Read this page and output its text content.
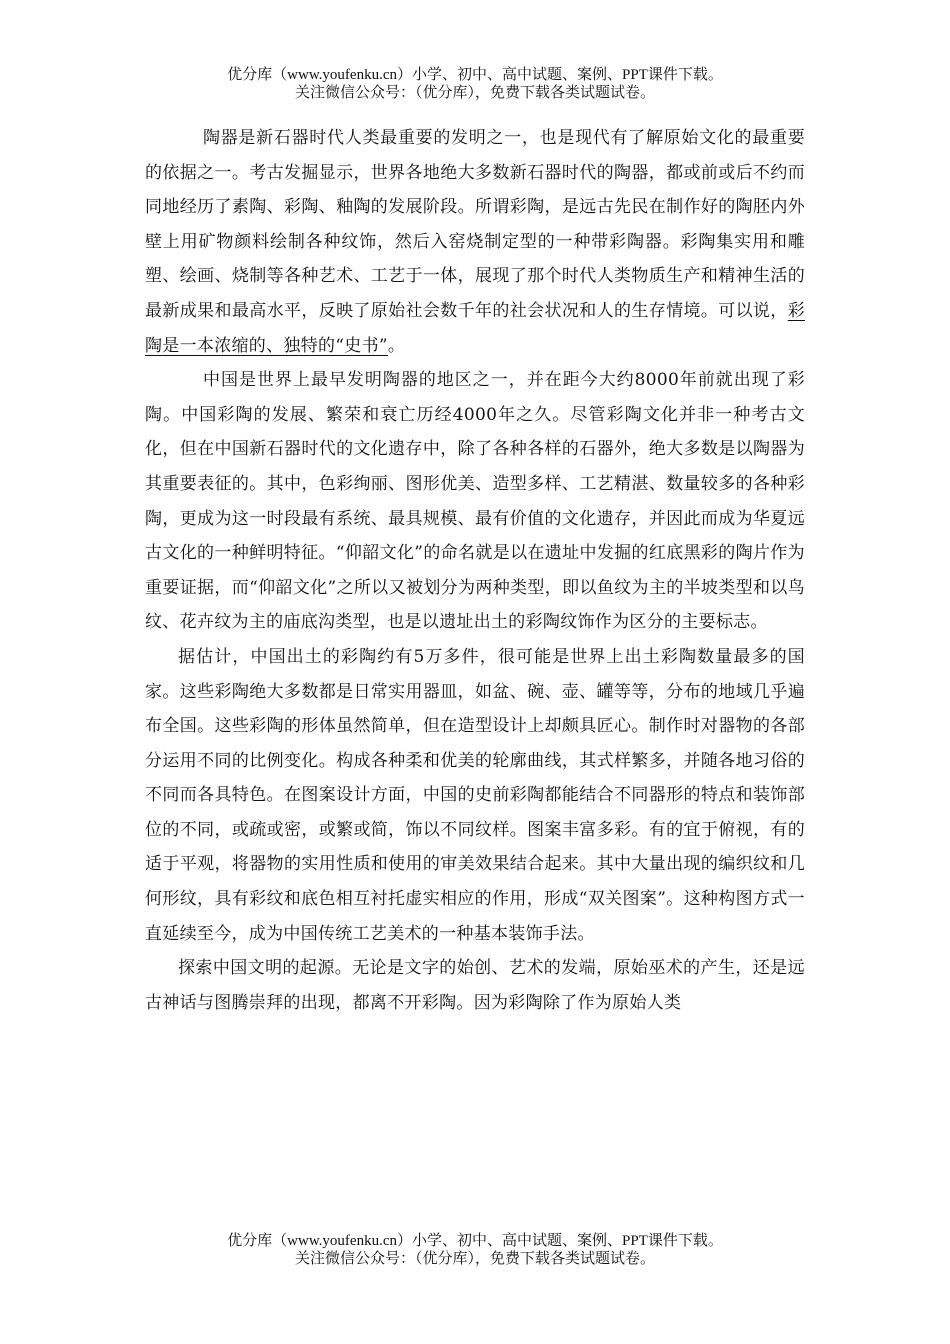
优分库（www.youfenku.cn）小学、初中、高中试题、案例、PPT课件下载。
关注微信公众号：（优分库），免费下载各类试题试卷。

陶器是新石器时代人类最重要的发明之一，也是现代有了解原始文化的最重要的依据之一。考古发掘显示，世界各地绝大多数新石器时代的陶器，都或前或后不约而同地经历了素陶、彩陶、釉陶的发展阶段。所谓彩陶，是远古先民在制作好的陶胚内外壁上用矿物颜料绘制各种纹饰，然后入窑烧制定型的一种带彩陶器。彩陶集实用和雕塑、绘画、烧制等各种艺术、工艺于一体，展现了那个时代人类物质生产和精神生活的最新成果和最高水平，反映了原始社会数千年的社会状况和人的生存情境。可以说，彩陶是一本浓缩的、独特的“史书”。

中国是世界上最早发明陶器的地区之一，并在距今大约8000年前就出现了彩陶。中国彩陶的发展、繁荣和衰亡历经4000年之久。尽管彩陶文化并非一种考古文化，但在中国新石器时代的文化遗存中，除了各种各样的石器外，绝大多数是以陶器为其重要表征的。其中，色彩绚丽、图形优美、造型多样、工艺精湛、数量较多的各种彩陶，更成为这一时段最有系统、最具规模、最有价值的文化遗存，并因此而成为华夏远古文化的一种鲜明特征。“仰韶文化”的命名就是以在遗址中发掘的红底黑彩的陶片作为重要证据，而“仰韶文化”之所以又被划分为两种类型，即以鱼纹为主的半坡类型和以鸟纹、花卉纹为主的庙底沟类型，也是以遗址出土的彩陶纹饰作为区分的主要标志。

据估计，中国出土的彩陶约有5万多件，很可能是世界上出土彩陶数量最多的国家。这些彩陶绝大多数都是日常实用器皿，如盆、碗、壶、罐等等，分布的地域几乎遍布全国。这些彩陶的形体虽然简单，但在造型设计上却颇具匠心。制作时对器物的各部分运用不同的比例变化。构成各种柔和优美的轮廓曲线，其式样繁多，并随各地习俗的不同而各具特色。在图案设计方面，中国的史前彩陶都能结合不同器形的特点和装饰部位的不同，或疏或密，或繁或简，饰以不同纹样。图案丰富多彩。有的宜于俯视，有的适于平观，将器物的实用性质和使用的审美效果结合起来。其中大量出现的编织纹和几何形纹，具有彩纹和底色相互衬托虚实相应的作用，形成“双关图案”。这种构图方式一直延续至今，成为中国传统工艺美术的一种基本装饰手法。

探索中国文明的起源。无论是文字的始创、艺术的发端，原始巫术的产生，还是远古神话与图腾崇拜的出现，都离不开彩陶。因为彩陶除了作为原始人类

优分库（www.youfenku.cn）小学、初中、高中试题、案例、PPT课件下载。
关注微信公众号：（优分库），免费下载各类试题试卷。
